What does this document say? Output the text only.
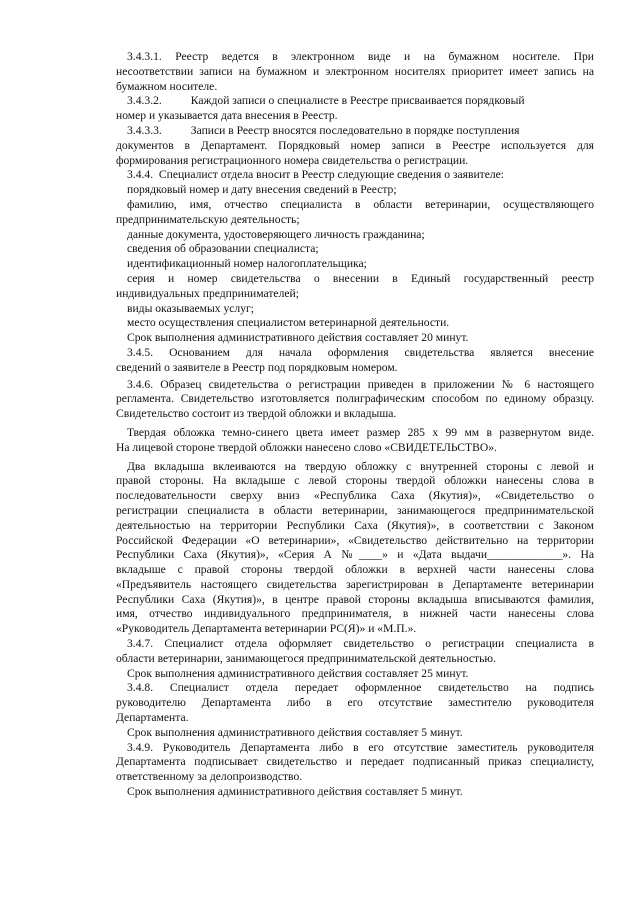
3.4.3.1. Реестр ведется в электронном виде и на бумажном носителе. При
несоответствии записи на бумажном и электронном носителях приоритет имеет запись на
бумажном носителе.
3.4.3.2.          Каждой записи о специалисте в Реестре присваивается порядковый
номер и указывается дата внесения в Реестр.
3.4.3.3.          Записи в Реестр вносятся последовательно в порядке поступления
документов в Департамент. Порядковый номер записи в Реестре используется для
формирования регистрационного номера свидетельства о регистрации.
3.4.4.  Специалист отдела вносит в Реестр следующие сведения о заявителе:
порядковый номер и дату внесения сведений в Реестр;
фамилию, имя, отчество специалиста в области ветеринарии, осуществляющего
предпринимательскую деятельность;
данные документа, удостоверяющего личность гражданина;
сведения об образовании специалиста;
идентификационный номер налогоплательщика;
серия и номер свидетельства о внесении в Единый государственный реестр
индивидуальных предпринимателей;
виды оказываемых услуг;
место осуществления специалистом ветеринарной деятельности.
Срок выполнения административного действия составляет 20 минут.
3.4.5. Основанием для начала оформления свидетельства является внесение
сведений о заявителе в Реестр под порядковым номером.
3.4.6. Образец свидетельства о регистрации приведен в приложении № 6 настоящего
регламента. Свидетельство изготовляется полиграфическим способом по единому образцу.
Свидетельство состоит из твердой обложки и вкладыша.
Твердая обложка темно-синего цвета имеет размер 285 х 99 мм в развернутом виде.
На лицевой стороне твердой обложки нанесено слово «СВИДЕТЕЛЬСТВО».
Два вкладыша вклеиваются на твердую обложку с внутренней стороны с левой и
правой стороны. На вкладыше с левой стороны твердой обложки нанесены слова в
последовательности сверху вниз «Республика Саха (Якутия)», «Свидетельство о
регистрации специалиста в области ветеринарии, занимающегося предпринимательской
деятельностью на территории Республики Саха (Якутия)», в соответствии с Законом
Российской Федерации «О ветеринарии», «Свидетельство действительно на территории
Республики Саха (Якутия)», «Серия А №____» и «Дата выдачи_____________». На
вкладыше с правой стороны твердой обложки в верхней части нанесены слова
«Предъявитель настоящего свидетельства зарегистрирован в Департаменте ветеринарии
Республики Саха (Якутия)», в центре правой стороны вкладыша вписываются фамилия,
имя, отчество индивидуального предпринимателя, в нижней части нанесены слова
«Руководитель Департамента ветеринарии РС(Я)» и «М.П.».
3.4.7. Специалист отдела оформляет свидетельство о регистрации специалиста в
области ветеринарии, занимающегося предпринимательской деятельностью.
Срок выполнения административного действия составляет 25 минут.
3.4.8. Специалист отдела передает оформленное свидетельство на подпись
руководителю Департамента либо в его отсутствие заместителю руководителя
Департамента.
Срок выполнения административного действия составляет 5 минут.
3.4.9. Руководитель Департамента либо в его отсутствие заместитель руководителя
Департамента подписывает свидетельство и передает подписанный приказ специалисту,
ответственному за делопроизводство.
Срок выполнения административного действия составляет 5 минут.
